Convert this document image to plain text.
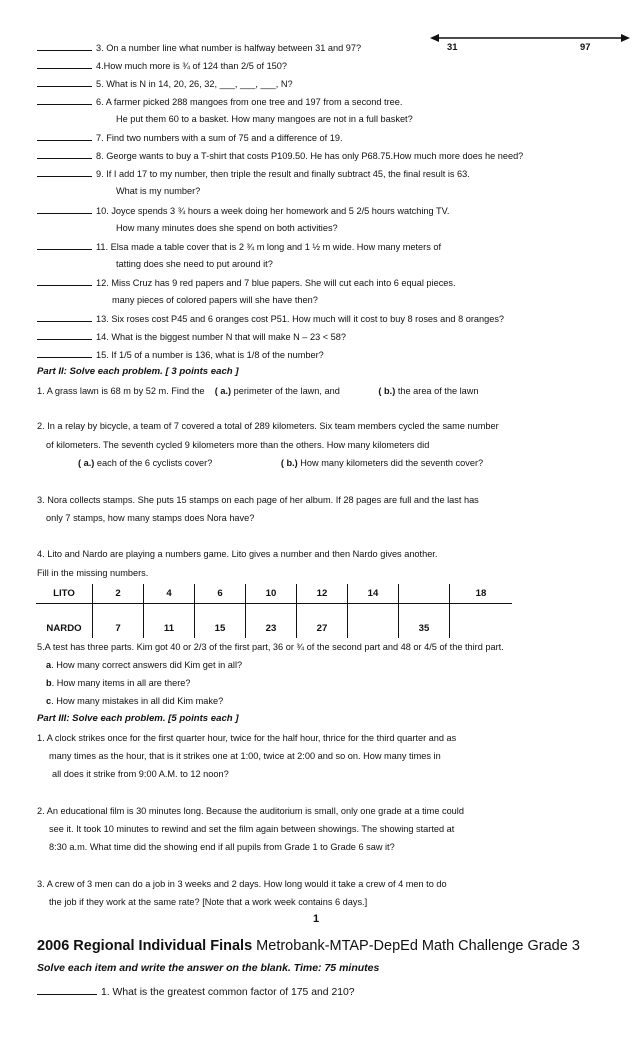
31	97
3. On a number line what number is halfway between 31 and 97?
4.How much more is ¾ of 124 than 2/5 of 150?
5. What is N in 14, 20, 26, 32, ___, ___, ___, N?
6. A farmer picked 288 mangoes from one tree and 197 from a second tree.
He put them 60 to a basket. How many mangoes are not in a full basket?
7. Find two numbers with a sum of 75 and a difference of 19.
8. George wants to buy a T-shirt that costs P109.50. He has only P68.75.How much more does he need?
9. If I add 17 to my number, then triple the result and finally subtract 45, the final result is 63.
What is my number?
10. Joyce spends 3 ¾ hours a week doing her homework and 5 2/5 hours watching TV.
How many minutes does she spend on both activities?
11. Elsa made a table cover that is 2 ¾ m long and 1 ½ m wide. How many meters of
tatting does she need to put around it?
12. Miss Cruz has 9 red papers and 7 blue papers. She will cut each into 6 equal pieces.
many pieces of colored papers will she have then?
13. Six roses cost P45 and 6 oranges cost P51. How much will it cost to buy 8 roses and 8 oranges?
14. What is the biggest number N that will make N – 23 < 58?
15. If 1/5 of a number is 136, what is 1/8 of the number?
Part II: Solve each problem. [ 3 points each ]
1. A grass lawn is 68 m by 52 m. Find the ( a.) perimeter of the lawn, and	( b.) the area of the lawn
2. In a relay by bicycle, a team of 7 covered a total of 289 kilometers. Six team members cycled the same number
of kilometers. The seventh cycled 9 kilometers more than the others. How many kilometers did
( a.) each of the 6 cyclists cover?	( b.) How many kilometers did the seventh cover?
3. Nora collects stamps. She puts 15 stamps on each page of her album. If 28 pages are full and the last has
only 7 stamps, how many stamps does Nora have?
4. Lito and Nardo are playing a numbers game. Lito gives a number and then Nardo gives another.
Fill in the missing numbers.
LITO	2	4	6	10	12	14		18
NARDO	7	11	15	23	27		35	
5.A test has three parts. Kim got 40 or 2/3 of the first part, 36 or ¾ of the second part and 48 or 4/5 of the third part.
a. How many correct answers did Kim get in all?
b. How many items in all are there?
c. How many mistakes in all did Kim make?
Part III: Solve each problem. [5 points each ]
1. A clock strikes once for the first quarter hour, twice for the half hour, thrice for the third quarter and as
many times as the hour, that is it strikes one at 1:00, twice at 2:00 and so on. How many times in
all does it strike from 9:00 A.M. to 12 noon?
2. An educational film is 30 minutes long. Because the auditorium is small, only one grade at a time could
see it. It took 10 minutes to rewind and set the film again between showings. The showing started at
8:30 a.m. What time did the showing end if all pupils from Grade 1 to Grade 6 saw it?
3. A crew of 3 men can do a job in 3 weeks and 2 days. How long would it take a crew of 4 men to do
the job if they work at the same rate? [Note that a work week contains 6 days.]
1
2006 Regional Individual Finals Metrobank-MTAP-DepEd Math Challenge Grade 3
Solve each item and write the answer on the blank. Time: 75 minutes
1. What is the greatest common factor of 175 and 210?
